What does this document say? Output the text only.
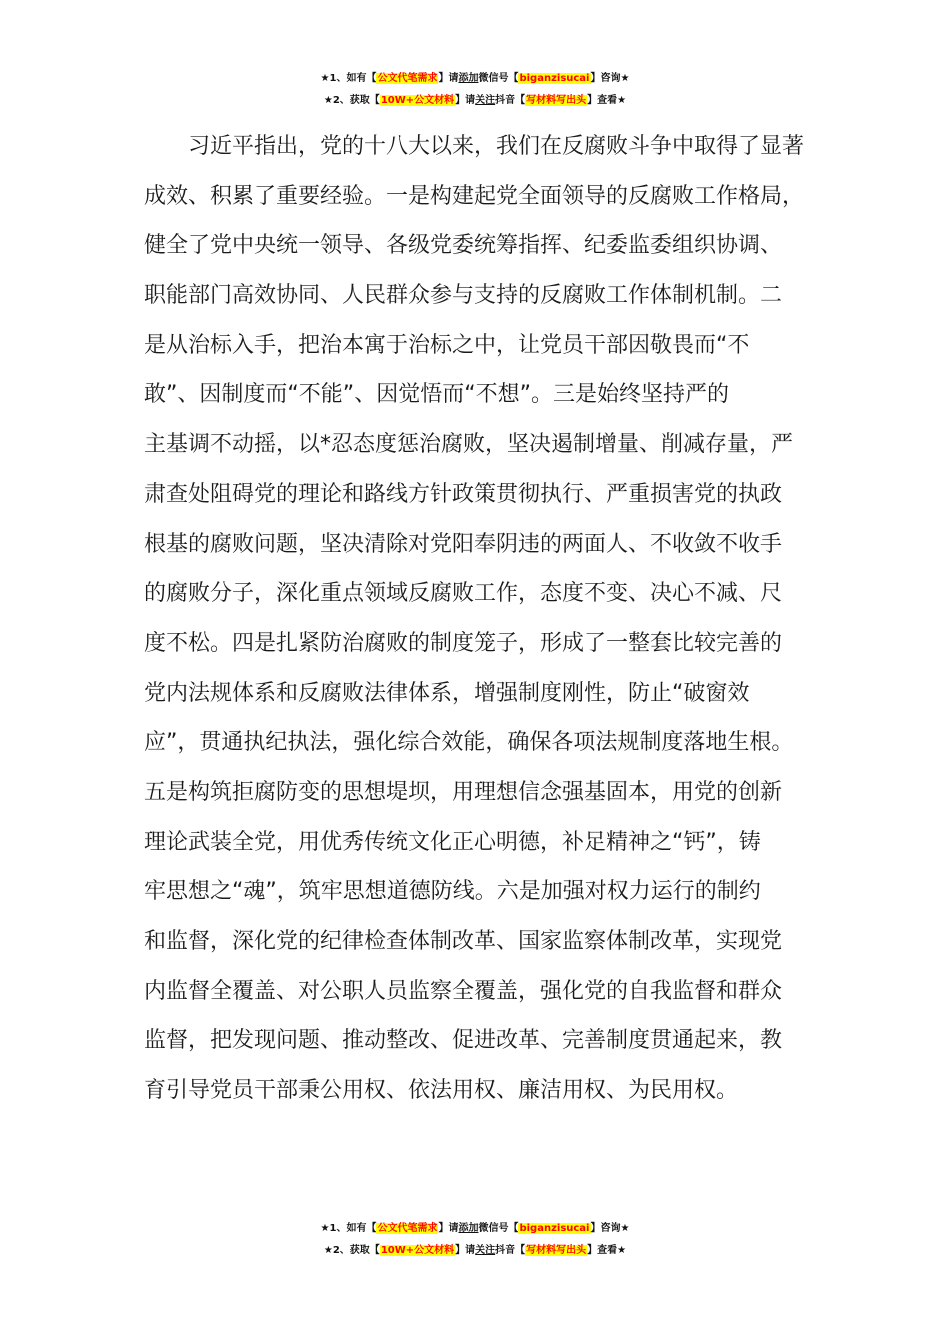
★1、如有【公文代笔需求】请添加微信号【biganzisucai】咨询★
★2、获取【10W+公文材料】请关注抖音【写材料写出头】查看★
　　习近平指出，党的十八大以来，我们在反腐败斗争中取得了显著
成效、积累了重要经验。一是构建起党全面领导的反腐败工作格局，
健全了党中央统一领导、各级党委统筹指挥、纪委监委组织协调、
职能部门高效协同、人民群众参与支持的反腐败工作体制机制。二
是从治标入手，把治本寓于治标之中，让党员干部因敬畏而“不
敢”、因制度而“不能”、因觉悟而“不想”。三是始终坚持严的
主基调不动摇，以*忍态度惩治腐败，坚决遏制增量、削减存量，严
肃查处阻碍党的理论和路线方针政策贯彻执行、严重损害党的执政
根基的腐败问题，坚决清除对党阳奉阴违的两面人、不收敛不收手
的腐败分子，深化重点领域反腐败工作，态度不变、决心不减、尺
度不松。四是扎紧防治腐败的制度笼子，形成了一整套比较完善的
党内法规体系和反腐败法律体系，增强制度刚性，防止“破窗效
应”，贯通执纪执法，强化综合效能，确保各项法规制度落地生根。
五是构筑拒腐防变的思想堤坝，用理想信念强基固本，用党的创新
理论武装全党，用优秀传统文化正心明德，补足精神之“钙”，铸
牢思想之“魂”，筑牢思想道德防线。六是加强对权力运行的制约
和监督，深化党的纪律检查体制改革、国家监察体制改革，实现党
内监督全覆盖、对公职人员监察全覆盖，强化党的自我监督和群众
监督，把发现问题、推动整改、促进改革、完善制度贯通起来，教
育引导党员干部秉公用权、依法用权、廉洁用权、为民用权。
★1、如有【公文代笔需求】请添加微信号【biganzisucai】咨询★
★2、获取【10W+公文材料】请关注抖音【写材料写出头】查看★
